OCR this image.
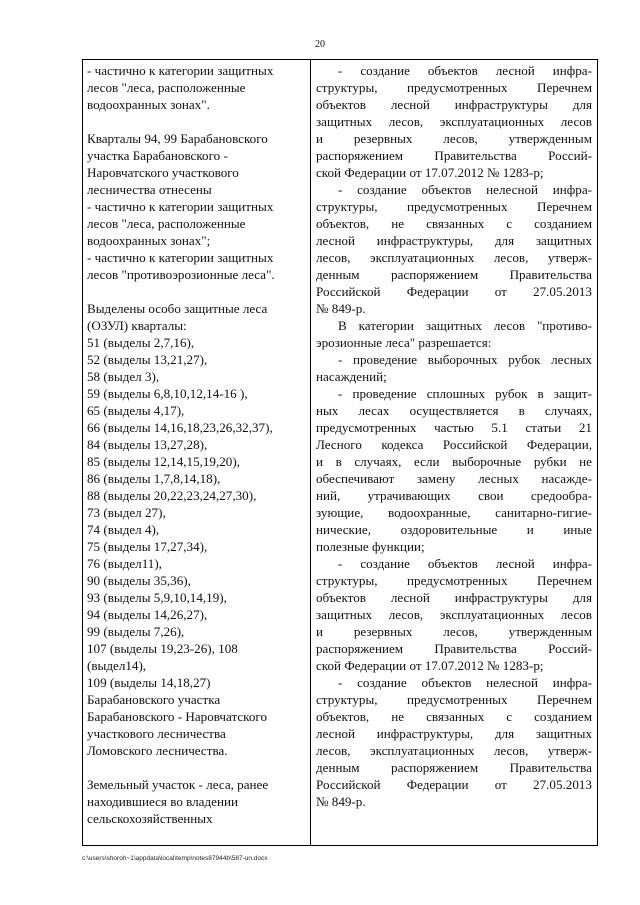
20
- частично к категории защитных
лесов "леса, расположенные
водоохранных зонах".
Кварталы 94, 99 Барабановского
участка Барабановского -
Наровчатского участкового
лесничества отнесены
- частично к категории защитных
лесов "леса, расположенные
водоохранных зонах";
- частично к категории защитных
лесов "противоэрозионные леса".
Выделены особо защитные леса
(ОЗУЛ) кварталы:
51 (выделы 2,7,16),
52 (выделы 13,21,27),
58 (выдел 3),
59 (выделы 6,8,10,12,14-16 ),
65 (выделы 4,17),
66 (выделы 14,16,18,23,26,32,37),
84 (выделы 13,27,28),
85 (выделы 12,14,15,19,20),
86 (выделы 1,7,8,14,18),
88 (выделы 20,22,23,24,27,30),
73 (выдел 27),
74 (выдел 4),
75 (выделы 17,27,34),
76 (выдел11),
90 (выделы 35,36),
93 (выделы 5,9,10,14,19),
94 (выделы 14,26,27),
99 (выделы 7,26),
107 (выделы 19,23-26), 108
(выдел14),
109 (выделы 14,18,27)
Барабановского участка
Барабановского - Наровчатского
участкового лесничества
Ломовского лесничества.
Земельный участок - леса, ранее
находившиеся во владении
сельскохозяйственных
- создание объектов лесной инфра-
структуры, предусмотренных Перечнем
объектов лесной инфраструктуры для
защитных лесов, эксплуатационных лесов
и резервных лесов, утвержденным
распоряжением Правительства Россий-
ской Федерации от 17.07.2012 № 1283-р;
- создание объектов нелесной инфра-
структуры, предусмотренных Перечнем
объектов, не связанных с созданием
лесной инфраструктуры, для защитных
лесов, эксплуатационных лесов, утверж-
денным распоряжением Правительства
Российской Федерации от 27.05.2013
№ 849-р.
В категории защитных лесов "противо-
эрозионные леса" разрешается:
- проведение выборочных рубок лесных
насаждений;
- проведение сплошных рубок в защит-
ных лесах осуществляется в случаях,
предусмотренных частью 5.1 статьи 21
Лесного кодекса Российской Федерации,
и в случаях, если выборочные рубки не
обеспечивают замену лесных насажде-
ний, утрачивающих свои средообра-
зующие, водоохранные, санитарно-гигие-
нические, оздоровительные и иные
полезные функции;
- создание объектов лесной инфра-
структуры, предусмотренных Перечнем
объектов лесной инфраструктуры для
защитных лесов, эксплуатационных лесов
и резервных лесов, утвержденным
распоряжением Правительства Россий-
ской Федерации от 17.07.2012 № 1283-р;
- создание объектов нелесной инфра-
структуры, предусмотренных Перечнем
объектов, не связанных с созданием
лесной инфраструктуры, для защитных
лесов, эксплуатационных лесов, утверж-
денным распоряжением Правительства
Российской Федерации от 27.05.2013
№ 849-р.
c:\users\shoroh~1\appdata\local\temp\notes87944b\587-un.docx
